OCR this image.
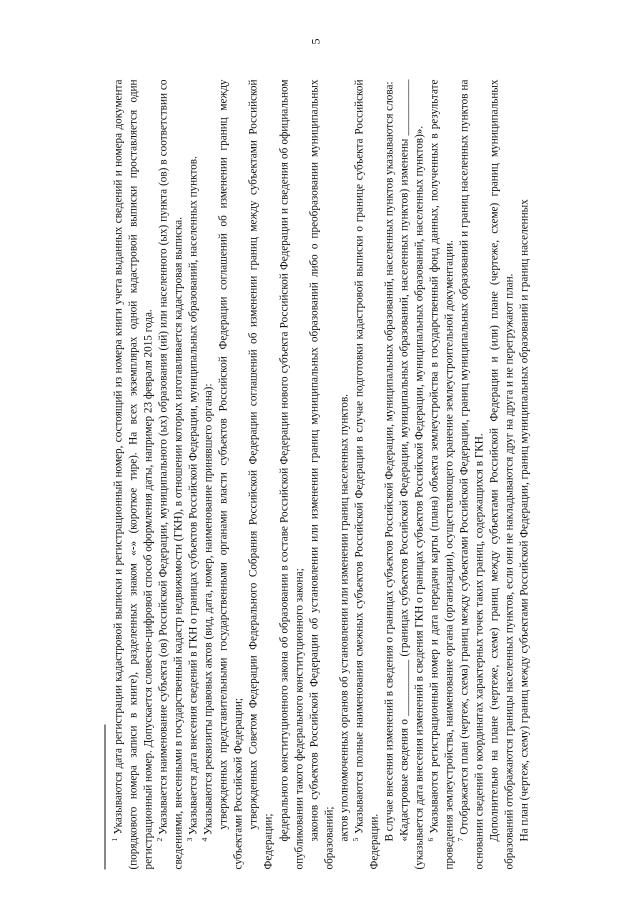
5

$^1$ Указываются дата регистрации кадастровой выписки и регистрационный номер, состоящий из номера книги учета выданных сведений и номера документа (порядкового номера записи в книге), разделенных знаком «-» (короткое тире). На всех экземплярах одной кадастровой выписки проставляется один регистрационный номер. Допускается словесно-цифровой способ оформления даты, например 23 февраля 2015 года. $^2$ Указывается наименование субъекта (ов) Российской Федерации, муниципального (ых) образования (ий) или населенного (ых) пункта (ов) в соответствии со сведениями, внесенными в государственный кадастр недвижимости (ГКН), в отношении которых изготавливается кадастровая выписка. $^3$ Указывается дата внесения сведений в ГКН о границах субъектов Российской Федерации, муниципальных образований, населенных пунктов.

$^4$ Указываются реквизиты правовых актов (вид, дата, номер, наименование принявшего органа): утвержденных представительными государственными органами власти субъектов Российской Федерации соглашений об изменении границ между субъектами Российской Федерации; утвержденных Советом Федерации Федерального Собрания Российской Федерации соглашений об изменении границ между субъектами Российской Федерации;

федерального конституционного закона об образовании в составе Российской Федерации нового субъекта Российской Федерации и сведения об официальном опубликовании такого федерального конституционного закона; законов субъектов Российской Федерации об установлении или изменении границ муниципальных образований либо о преобразовании муниципальных образований; актов уполномоченных органов об установлении или изменении границ населенных пунктов. $^5$ Указываются полные наименования смежных субъектов Российской Федерации в случае подготовки кадастровой выписки о границе субъекта Российской Федерации.

В случае внесения изменений в сведения о границах субъектов Российской Федерации, муниципальных образований, населенных пунктов указываются слова: «Кадастровые сведения о __________ (границах субъектов Российской Федерации, муниципальных образований, населенных пунктов) изменены __________ (указывается дата внесения изменений в сведения ГКН о границах субъектов Российской Федерации, муниципальных образований, населенных пунктов)». $^6$ Указываются регистрационный номер и дата передачи карты (плана) объекта землеустройства в государственный фонд данных, полученных в результате проведения землеустройства, наименование органа (организации), осуществляющего хранение землеустроительной документации. $^7$ Отображается план (чертеж, схема) границ между субъектами Российской Федерации, границ муниципальных образований и границ населенных пунктов на основании сведений о координатах характерных точек таких границ, содержащихся в ГКН. Дополнительно на плане (чертеже, схеме) границ между субъектами Российской Федерации и (или) плане (чертеже, схеме) границ муниципальных образований отображаются границы населенных пунктов, если они не накладываются друг на друга и не перегружают план. На план (чертеж, схему) границ между субъектами Российской Федерации, границ муниципальных образований и границ населенных
